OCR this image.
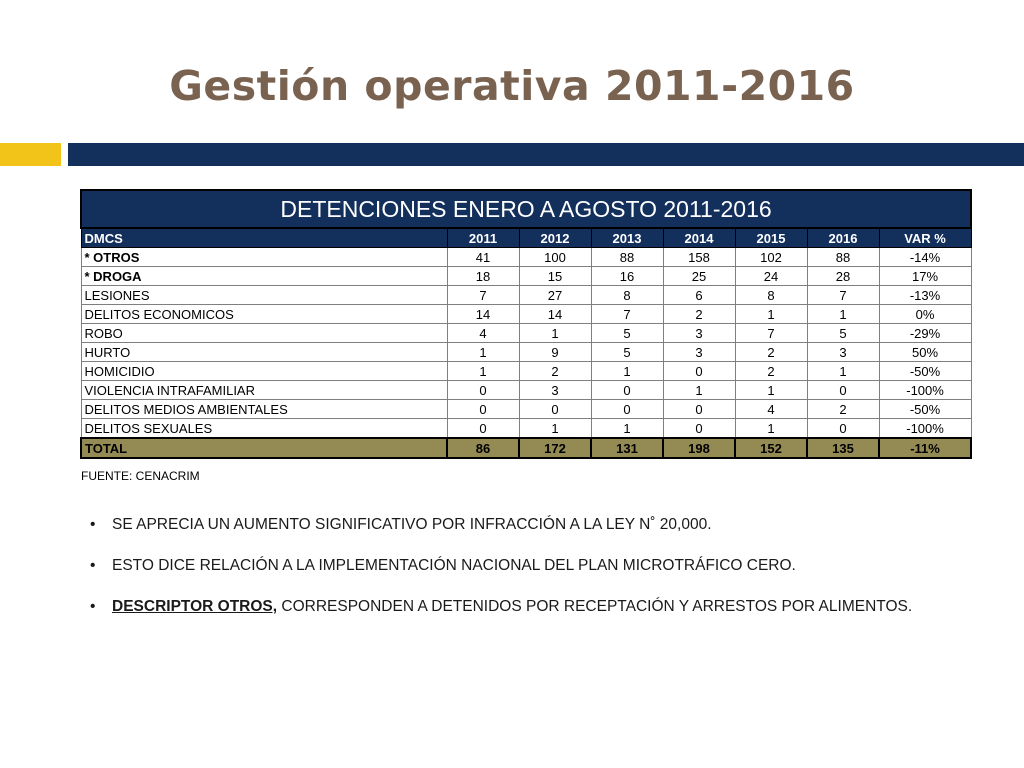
Gestión operativa 2011-2016
DETENCIONES ENERO A AGOSTO 2011-2016							
DMCS	2011	2012	2013	2014	2015	2016	VAR %
* OTROS	41	100	88	158	102	88	-14%
* DROGA	18	15	16	25	24	28	17%
LESIONES	7	27	8	6	8	7	-13%
DELITOS ECONOMICOS	14	14	7	2	1	1	0%
ROBO	4	1	5	3	7	5	-29%
HURTO	1	9	5	3	2	3	50%
HOMICIDIO	1	2	1	0	2	1	-50%
VIOLENCIA INTRAFAMILIAR	0	3	0	1	1	0	-100%
DELITOS MEDIOS AMBIENTALES	0	0	0	0	4	2	-50%
DELITOS SEXUALES	0	1	1	0	1	0	-100%
TOTAL	86	172	131	198	152	135	-11%
FUENTE: CENACRIM
• SE APRECIA UN AUMENTO SIGNIFICATIVO POR INFRACCIÓN A LA LEY N˚ 20,000.
• ESTO DICE RELACIÓN A LA IMPLEMENTACIÓN NACIONAL DEL PLAN MICROTRÁFICO CERO.
• DESCRIPTOR OTROS, CORRESPONDEN A DETENIDOS POR RECEPTACIÓN Y ARRESTOS POR ALIMENTOS.
